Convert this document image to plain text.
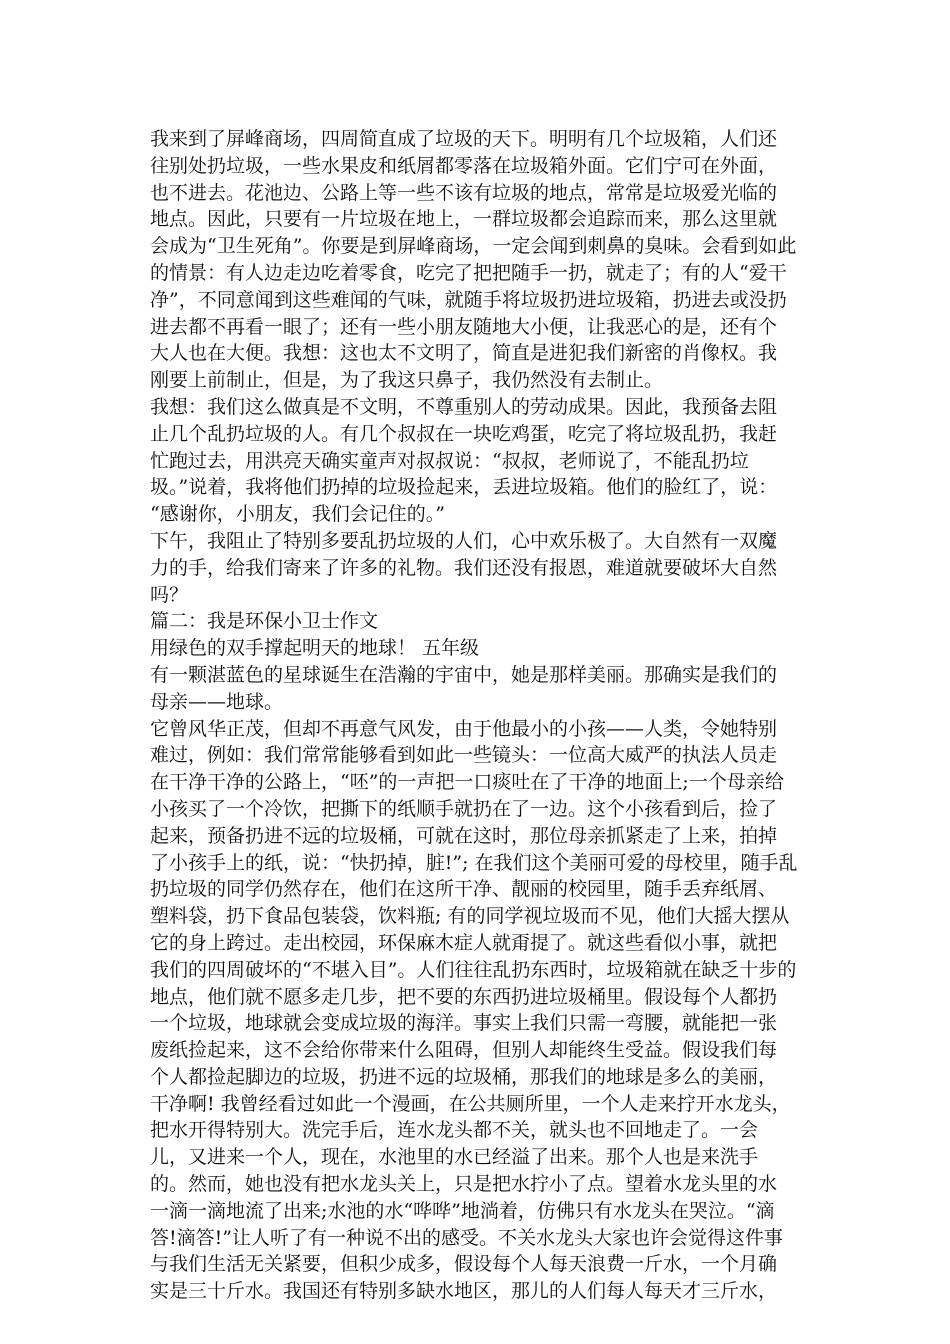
我来到了屏峰商场，四周简直成了垃圾的天下。明明有几个垃圾箱，人们还
往别处扔垃圾，一些水果皮和纸屑都零落在垃圾箱外面。它们宁可在外面，
也不进去。花池边、公路上等一些不该有垃圾的地点，常常是垃圾爱光临的
地点。因此，只要有一片垃圾在地上，一群垃圾都会追踪而来，那么这里就
会成为“卫生死角”。你要是到屏峰商场，一定会闻到刺鼻的臭味。会看到如此
的情景：有人边走边吃着零食，吃完了把把随手一扔，就走了；有的人“爱干
净”，不同意闻到这些难闻的气味，就随手将垃圾扔进垃圾箱，扔进去或没扔
进去都不再看一眼了；还有一些小朋友随地大小便，让我恶心的是，还有个
大人也在大便。我想：这也太不文明了，简直是进犯我们新密的肖像权。我
刚要上前制止，但是，为了我这只鼻子，我仍然没有去制止。
我想：我们这么做真是不文明，不尊重别人的劳动成果。因此，我预备去阻
止几个乱扔垃圾的人。有几个叔叔在一块吃鸡蛋，吃完了将垃圾乱扔，我赶
忙跑过去，用洪亮天确实童声对叔叔说：“叔叔，老师说了，不能乱扔垃
圾。”说着，我将他们扔掉的垃圾捡起来，丢进垃圾箱。他们的脸红了，说：
“感谢你，小朋友，我们会记住的。”
下午，我阻止了特别多要乱扔垃圾的人们，心中欢乐极了。大自然有一双魔
力的手，给我们寄来了许多的礼物。我们还没有报恩，难道就要破坏大自然
吗？
篇二：我是环保小卫士作文
用绿色的双手撑起明天的地球！ 五年级
有一颗湛蓝色的星球诞生在浩瀚的宇宙中，她是那样美丽。那确实是我们的
母亲——地球。
它曾风华正茂，但却不再意气风发，由于他最小的小孩——人类，令她特别
难过，例如：我们常常能够看到如此一些镜头：一位高大威严的执法人员走
在干净干净的公路上，“呸”的一声把一口痰吐在了干净的地面上;一个母亲给
小孩买了一个冷饮，把撕下的纸顺手就扔在了一边。这个小孩看到后，捡了
起来，预备扔进不远的垃圾桶，可就在这时，那位母亲抓紧走了上来，拍掉
了小孩手上的纸，说：“快扔掉，脏!”; 在我们这个美丽可爱的母校里，随手乱
扔垃圾的同学仍然存在，他们在这所干净、靓丽的校园里，随手丢弃纸屑、
塑料袋，扔下食品包装袋，饮料瓶; 有的同学视垃圾而不见，他们大摇大摆从
它的身上跨过。走出校园，环保麻木症人就甭提了。就这些看似小事，就把
我们的四周破坏的“不堪入目”。人们往往乱扔东西时，垃圾箱就在缺乏十步的
地点，他们就不愿多走几步，把不要的东西扔进垃圾桶里。假设每个人都扔
一个垃圾，地球就会变成垃圾的海洋。事实上我们只需一弯腰，就能把一张
废纸捡起来，这不会给你带来什么阻碍，但别人却能终生受益。假设我们每
个人都捡起脚边的垃圾，扔进不远的垃圾桶，那我们的地球是多么的美丽，
干净啊! 我曾经看过如此一个漫画，在公共厕所里，一个人走来拧开水龙头，
把水开得特别大。洗完手后，连水龙头都不关，就头也不回地走了。一会
儿，又进来一个人，现在，水池里的水已经溢了出来。那个人也是来洗手
的。然而，她也没有把水龙头关上，只是把水拧小了点。望着水龙头里的水
一滴一滴地流了出来;水池的水“哗哗”地淌着，仿佛只有水龙头在哭泣。“滴
答!滴答!”让人听了有一种说不出的感受。不关水龙头大家也许会觉得这件事
与我们生活无关紧要，但积少成多，假设每个人每天浪费一斤水，一个月确
实是三十斤水。我国还有特别多缺水地区，那儿的人们每人每天才三斤水，
